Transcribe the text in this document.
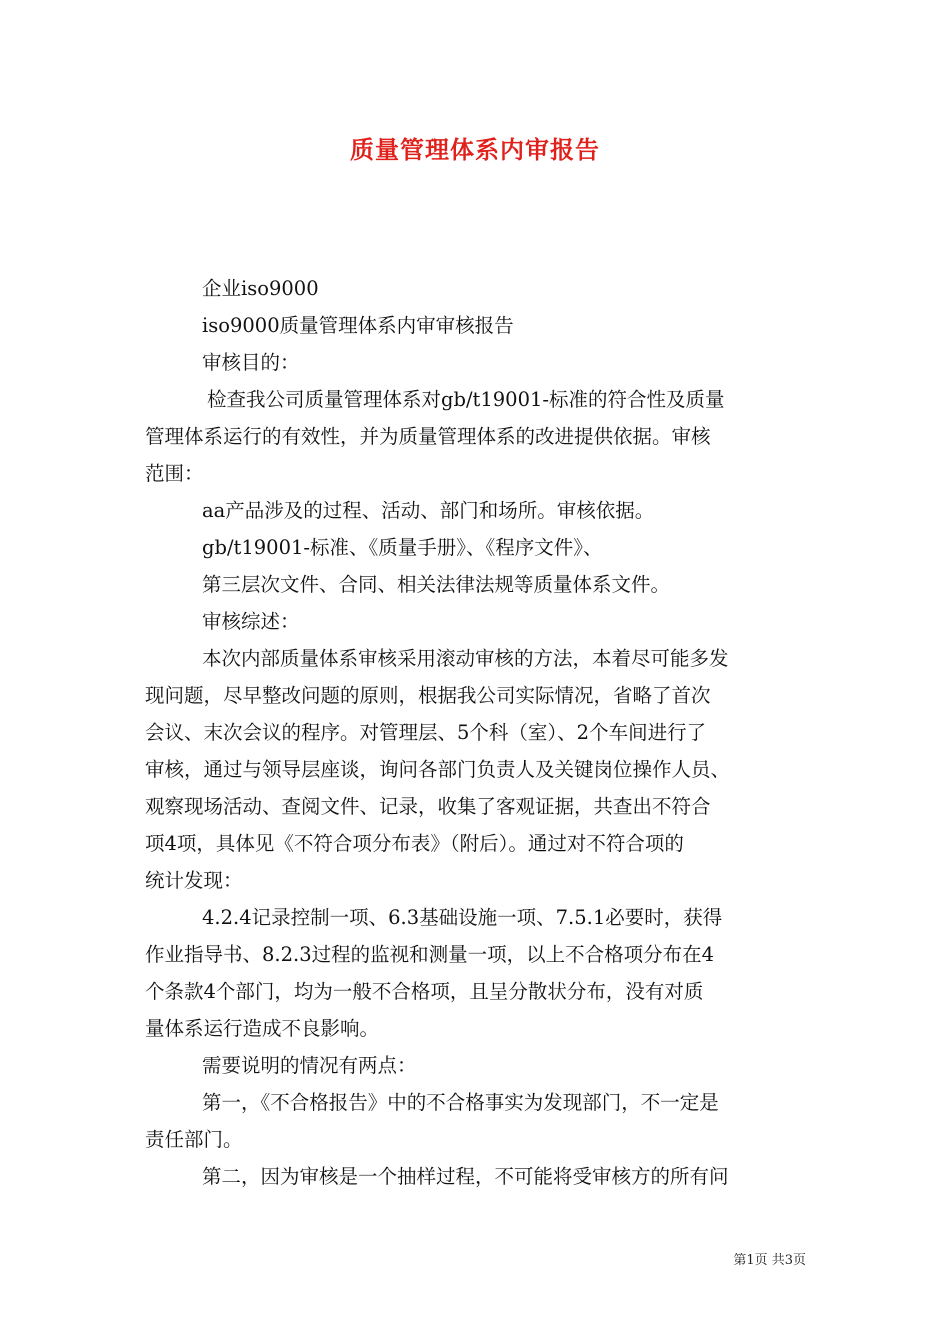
质量管理体系内审报告
企业iso9000
iso9000质量管理体系内审审核报告
审核目的：
检查我公司质量管理体系对gb/t19001-标准的符合性及质量
管理体系运行的有效性，并为质量管理体系的改进提供依据。审核
范围：
aa产品涉及的过程、活动、部门和场所。审核依据。
gb/t19001-标准、《质量手册》、《程序文件》、
第三层次文件、合同、相关法律法规等质量体系文件。
审核综述：
本次内部质量体系审核采用滚动审核的方法，本着尽可能多发
现问题，尽早整改问题的原则，根据我公司实际情况，省略了首次
会议、末次会议的程序。对管理层、5个科（室）、2个车间进行了
审核，通过与领导层座谈，询问各部门负责人及关键岗位操作人员、
观察现场活动、查阅文件、记录，收集了客观证据，共查出不符合
项4项，具体见《不符合项分布表》（附后）。通过对不符合项的
统计发现：
4.2.4记录控制一项、6.3基础设施一项、7.5.1必要时，获得
作业指导书、8.2.3过程的监视和测量一项，以上不合格项分布在4
个条款4个部门，均为一般不合格项，且呈分散状分布，没有对质
量体系运行造成不良影响。
需要说明的情况有两点：
第一，《不合格报告》中的不合格事实为发现部门，不一定是
责任部门。
第二，因为审核是一个抽样过程，不可能将受审核方的所有问
第1页 共3页
